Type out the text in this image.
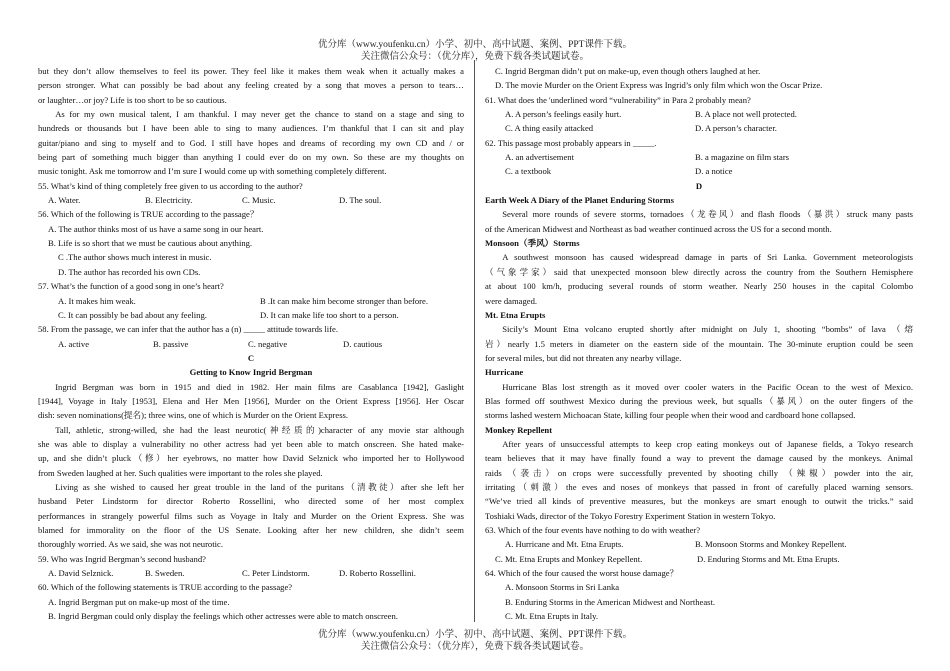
优分库（www.youfenku.cn）小学、初中、高中试题、案例、PPT课件下载。
关注微信公众号：（优分库），免费下载各类试题试卷。
but they don’t allow themselves to feel its power. They feel like it makes them weak when it actually makes a
person stronger. What can possibly be bad about any feeling created by a song that moves a person to tears…
or laughter…or joy? Life is too short to be so cautious.
As for my own musical talent, I am thankful. I may never get the chance to stand on a stage and sing to
hundreds or thousands but I have been able to sing to many audiences. I’m thankful that I can sit and play
guitar/piano and sing to myself and to God. I still have hopes and dreams of recording my own CD and / or
being part of something much bigger than anything I could ever do on my own. So these are my thoughts on
music tonight. Ask me tomorrow and I’m sure I would come up with something completely different.
55. What’s kind of thing completely free given to us according to the author?
A. Water.	B. Electricity.	C. Music.	D. The soul.
56. Which of the following is TRUE according to the passage？
A. The author thinks most of us have a same song in our heart.
B. Life is so short that we must be cautious about anything.
C .The author shows much interest in music.
D. The author has recorded his own CDs.
57. What’s the function of a good song in one’s heart?
A. It makes him weak.	B .It can make him become stronger than before.
C. It can possibly be bad about any feeling.	D. It can make life too short to a person.
58. From the passage, we can infer that the author has a (n) _____ attitude towards life.
A. active	B. passive	C. negative	D. cautious
C
Getting to Know Ingrid Bergman
Ingrid Bergman was born in 1915 and died in 1982. Her main films are Casablanca [1942], Gaslight
[1944], Voyage in Italy [1953], Elena and Her Men [1956], Murder on the Orient Express [1956]. Her Oscar
dish: seven nominations(提名); three wins, one of which is Murder on the Orient Express.
Tall, athletic, strong-willed, she had the least neurotic(神经质的)character of any movie star although
she was able to display a vulnerability no other actress had yet been able to match onscreen. She hated make-
up, and she didn’t pluck（修）her eyebrows, no matter how David Selznick who imported her to Hollywood
from Sweden laughed at her. Such qualities were important to the roles she played.
Living as she wished to caused her great trouble in the land of the puritans（清教徒）after she left her
husband Peter Lindstorm for director Roberto Rossellini, who directed some of her most complex
performances in strangely powerful films such as Voyage in Italy and Murder on the Orient Express. She was
blamed for immorality on the floor of the US Senate. Looking after her new children, she didn’t seem
thoroughly worried. As we said, she was not neurotic.
59. Who was Ingrid Bergman’s second husband?
A. David Selznick.	B. Sweden.	C. Peter Lindstorm.	D. Roberto Rossellini.
60. Which of the following statements is TRUE according to the passage?
A. Ingrid Bergman put on make-up most of the time.
B. Ingrid Bergman could only display the feelings which other actresses were able to match onscreen.
C. Ingrid Bergman didn’t put on make-up, even though others laughed at her.
D. The movie Murder on the Orient Express was Ingrid’s only film which won the Oscar Prize.
61. What does the 'underlined word “vulnerability” in Para 2 probably mean?
A. A person’s feelings easily hurt.	B. A place not well protected.
C. A thing easily attacked	D. A person’s character.
62. This passage most probably appears in _____.
A. an advertisement	B. a magazine on film stars
C. a textbook	D. a notice
D
Earth Week A Diary of the Planet Enduring Storms
Several more rounds of severe storms, tornadoes（龙卷风）and flash floods（暴洪）struck many pasts
of the American Midwest and Northeast as bad weather continued across the US for a second month.
Monsoon（季风）Storms
A southwest monsoon has caused widespread damage in parts of Sri Lanka. Government meteorologists
（气象学家）said that unexpected monsoon blew directly across the country from the Southern Hemisphere
at about 100 km/h, producing several rounds of storm weather. Nearly 250 houses in the capital Colombo
were damaged.
Mt. Etna Erupts
Sicily’s Mount Etna volcano erupted shortly after midnight on July 1, shooting “bombs” of lava （熔
岩）nearly 1.5 meters in diameter on the eastern side of the mountain. The 30-minute eruption could be seen
for several miles, but did not threaten any nearby village.
Hurricane
Hurricane Blas lost strength as it moved over cooler waters in the Pacific Ocean to the west of Mexico.
Blas formed off southwest Mexico during the previous week, but squalls（暴风）on the outer fingers of the
storms lashed western Michoacan State, killing four people when their wood and cardboard hone collapsed.
Monkey Repellent
After years of unsuccessful attempts to keep crop eating monkeys out of Japanese fields, a Tokyo research
team believes that it may have finally found a way to prevent the damage caused by the monkeys. Animal
raids （袭击）on crops were successfully prevented by shooting chilly （辣椒）powder into the air,
irritating（刺激）the eves and noses of monkeys that passed in front of carefully placed warning sensors.
“We’ve tried all kinds of preventive measures, but the monkeys are smart enough to outwit the tricks.” said
Toshiaki Wads, director of the Tokyo Forestry Experiment Station in western Tokyo.
63. Which of the four events have nothing to do with weather?
A. Hurricane and Mt. Etna Erupts.	B. Monsoon Storms and Monkey Repellent.
C. Mt. Etna Erupts and Monkey Repellent.	D. Enduring Storms and Mt. Etna Erupts.
64. Which of the four caused the worst house damage？
A. Monsoon Storms in Sri Lanka
B. Enduring Storms in the American Midwest and Northeast.
C. Mt. Etna Erupts in Italy.
优分库（www.youfenku.cn）小学、初中、高中试题、案例、PPT课件下载。
关注微信公众号：（优分库），免费下载各类试题试卷。
